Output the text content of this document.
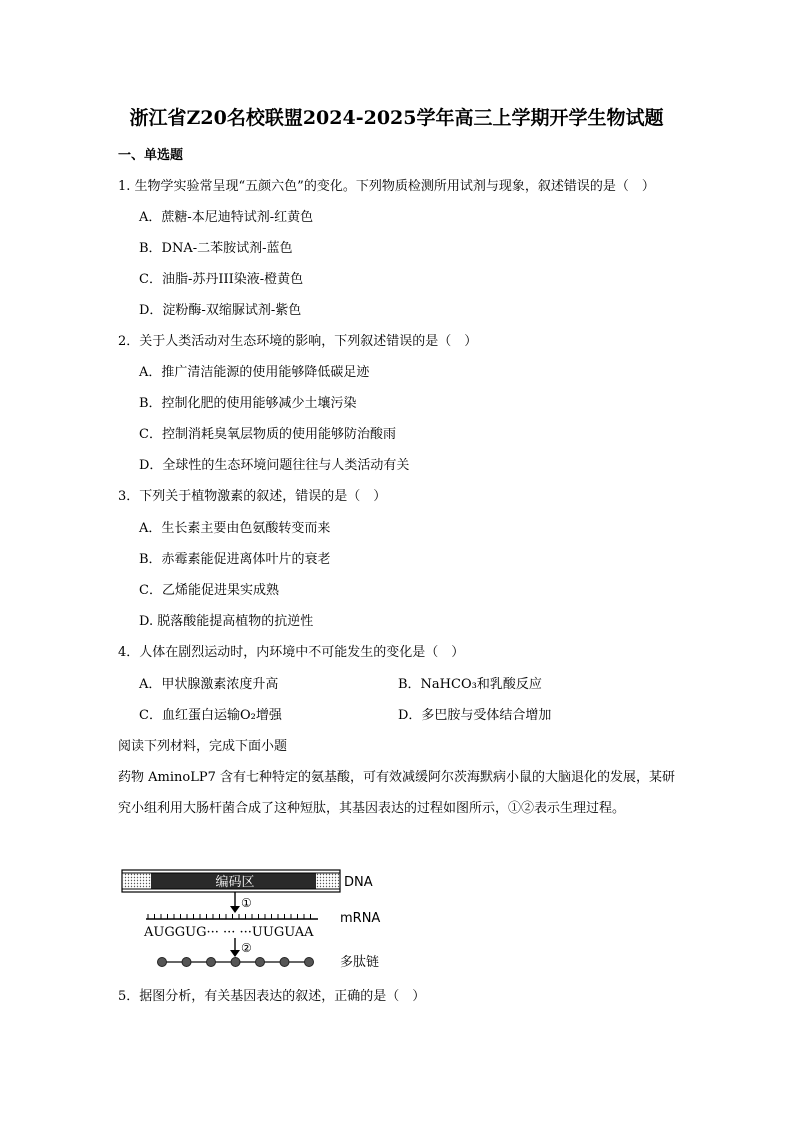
浙江省Z20名校联盟2024-2025学年高三上学期开学生物试题
一、单选题
1. 生物学实验常呈现“五颜六色”的变化。下列物质检测所用试剂与现象，叙述错误的是（　）
A．蔗糖-本尼迪特试剂-红黄色
B．DNA-二苯胺试剂-蓝色
C．油脂-苏丹III染液-橙黄色
D．淀粉酶-双缩脲试剂-紫色
2．关于人类活动对生态环境的影响，下列叙述错误的是（　）
A．推广清洁能源的使用能够降低碳足迹
B．控制化肥的使用能够减少土壤污染
C．控制消耗臭氧层物质的使用能够防治酸雨
D．全球性的生态环境问题往往与人类活动有关
3．下列关于植物激素的叙述，错误的是（　）
A．生长素主要由色氨酸转变而来
B．赤霉素能促进离体叶片的衰老
C．乙烯能促进果实成熟
D. 脱落酸能提高植物的抗逆性
4．人体在剧烈运动时，内环境中不可能发生的变化是（　）
A．甲状腺激素浓度升高	B．NaHCO₃和乳酸反应
C．血红蛋白运输O₂增强	D．多巴胺与受体结合增加
阅读下列材料，完成下面小题
药物 AminoLP7 含有七种特定的氨基酸，可有效减缓阿尔茨海默病小鼠的大脑退化的发展，某研究小组利用大肠杆菌合成了这种短肽，其基因表达的过程如图所示，①②表示生理过程。
编码区	DNA
①
mRNA
AUGGUG··· ··· ···UUGUAA
②
多肽链
5．据图分析，有关基因表达的叙述，正确的是（　）
